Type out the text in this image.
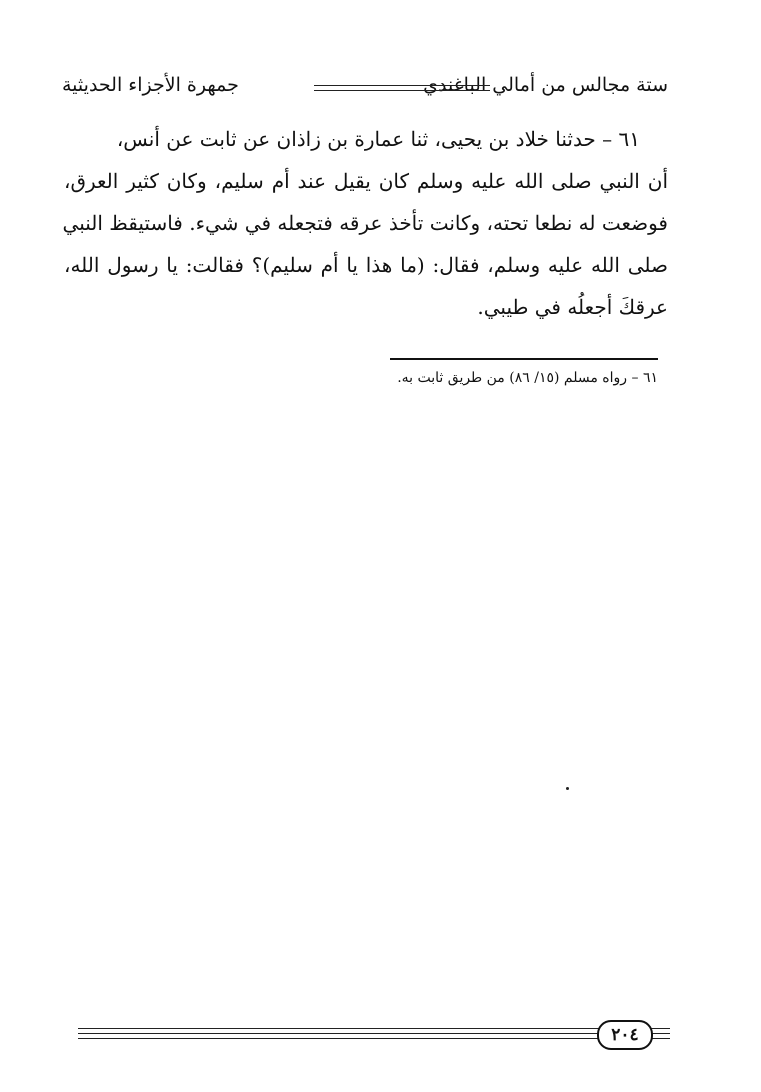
ستة مجالس من أمالي الباغندي
جمهرة الأجزاء الحديثية
٦١ – حدثنا خلاد بن يحيى، ثنا عمارة بن زاذان عن ثابت عن أنس،
أن النبي صلى الله عليه وسلم كان يقيل عند أم سليم، وكان كثير العرق،
فوضعت له نطعا تحته، وكانت تأخذ عرقه فتجعله في شيء. فاستيقظ النبي
صلى الله عليه وسلم، فقال: (ما هذا يا أم سليم)؟ فقالت: يا رسول الله،
عرقكَ أجعلُه في طيبي.
٦١ – رواه مسلم (١٥/ ٨٦) من طريق ثابت به.
٢٠٤
